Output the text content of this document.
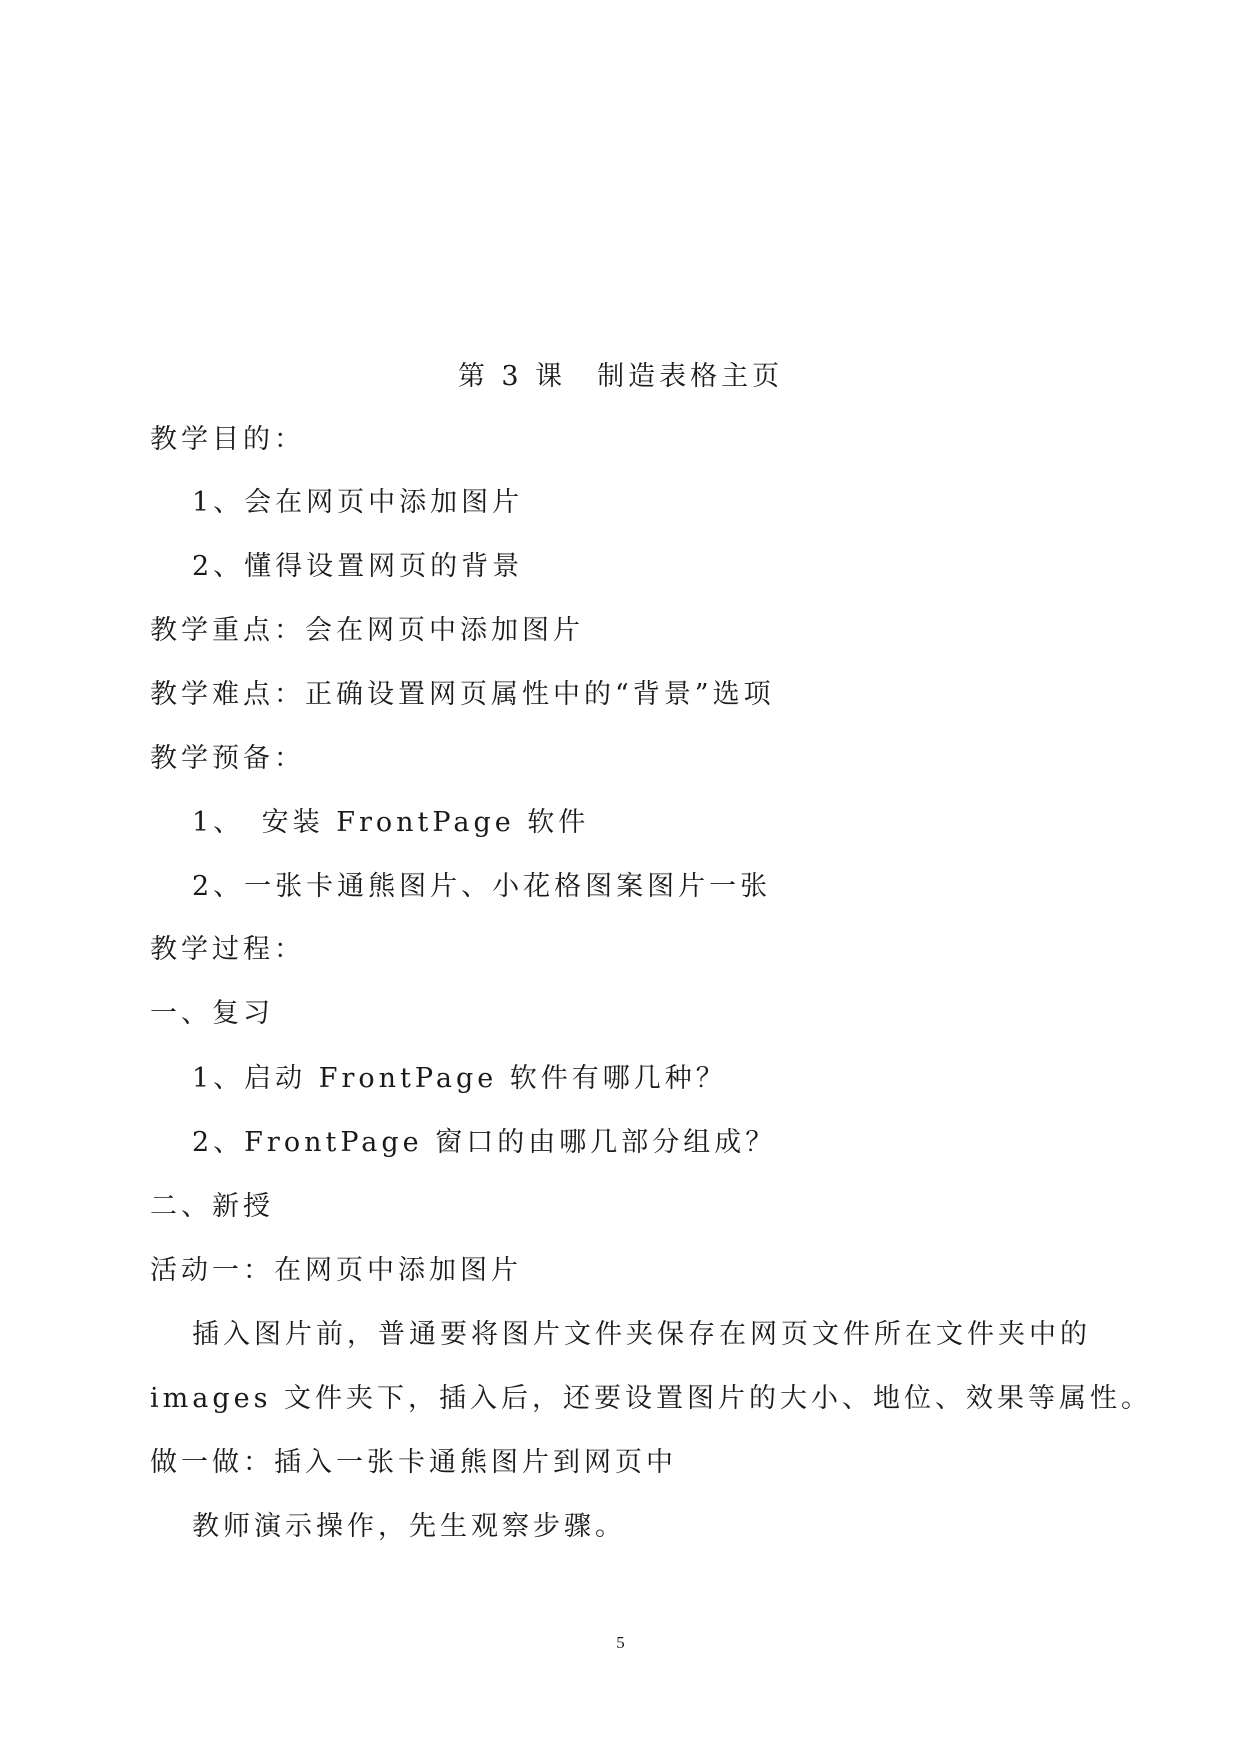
第 3 课　制造表格主页
教学目的：
1、会在网页中添加图片
2、懂得设置网页的背景
教学重点：会在网页中添加图片
教学难点：正确设置网页属性中的“背景”选项
教学预备：
1、　安装 FrontPage 软件
2、一张卡通熊图片、小花格图案图片一张
教学过程：
一、复习
1、启动 FrontPage 软件有哪几种？
2、FrontPage 窗口的由哪几部分组成？
二、新授
活动一：在网页中添加图片
插入图片前，普通要将图片文件夹保存在网页文件所在文件夹中的
images 文件夹下，插入后，还要设置图片的大小、地位、效果等属性。
做一做：插入一张卡通熊图片到网页中
教师演示操作，先生观察步骤。
5
